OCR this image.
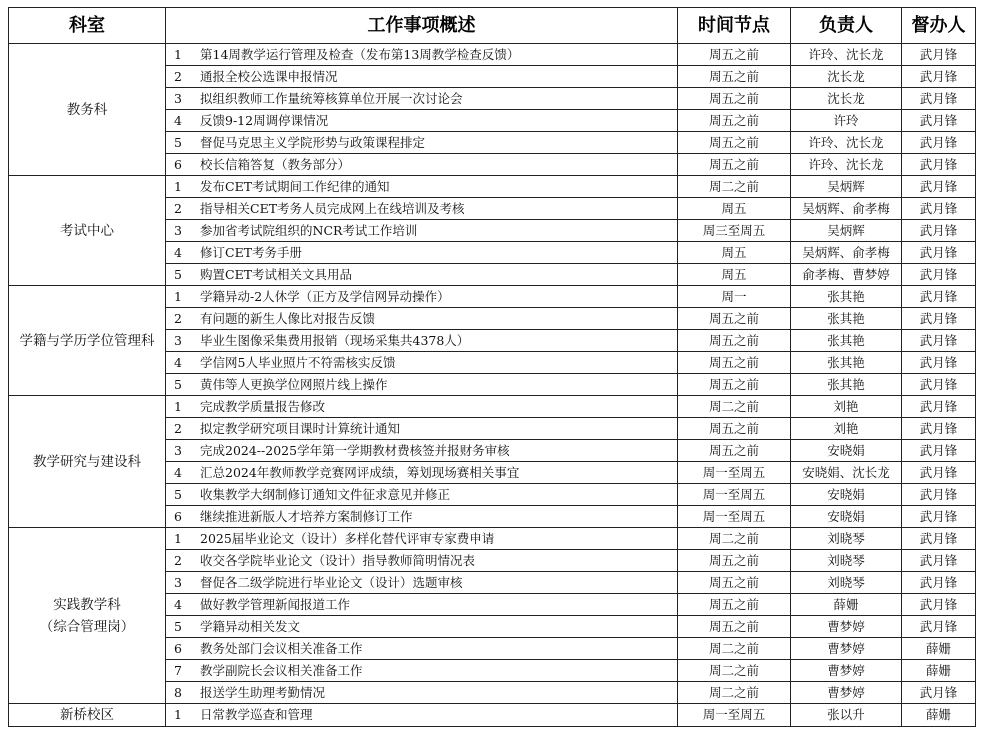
科室	工作事项概述	时间节点	负责人	督办人
教务科	1 第14周教学运行管理及检查（发布第13周教学检查反馈）	周五之前	许玲、沈长龙	武月锋
	2 通报全校公选课申报情况	周五之前	沈长龙	武月锋
	3 拟组织教师工作量统筹核算单位开展一次讨论会	周五之前	沈长龙	武月锋
	4 反馈9-12周调停课情况	周五之前	许玲	武月锋
	5 督促马克思主义学院形势与政策课程排定	周五之前	许玲、沈长龙	武月锋
	6 校长信箱答复（教务部分）	周五之前	许玲、沈长龙	武月锋
考试中心	1 发布CET考试期间工作纪律的通知	周二之前	吴炳辉	武月锋
	2 指导相关CET考务人员完成网上在线培训及考核	周五	吴炳辉、俞孝梅	武月锋
	3 参加省考试院组织的NCR考试工作培训	周三至周五	吴炳辉	武月锋
	4 修订CET考务手册	周五	吴炳辉、俞孝梅	武月锋
	5 购置CET考试相关文具用品	周五	俞孝梅、曹梦婷	武月锋
学籍与学历学位管理科	1 学籍异动-2人休学（正方及学信网异动操作）	周一	张其艳	武月锋
	2 有问题的新生人像比对报告反馈	周五之前	张其艳	武月锋
	3 毕业生图像采集费用报销（现场采集共4378人）	周五之前	张其艳	武月锋
	4 学信网5人毕业照片不符需核实反馈	周五之前	张其艳	武月锋
	5 黄伟等人更换学位网照片线上操作	周五之前	张其艳	武月锋
教学研究与建设科	1 完成教学质量报告修改	周二之前	刘艳	武月锋
	2 拟定教学研究项目课时计算统计通知	周五之前	刘艳	武月锋
	3 完成2024--2025学年第一学期教材费核签并报财务审核	周五之前	安晓娟	武月锋
	4 汇总2024年教师教学竞赛网评成绩，筹划现场赛相关事宜	周一至周五	安晓娟、沈长龙	武月锋
	5 收集教学大纲制修订通知文件征求意见并修正	周一至周五	安晓娟	武月锋
	6 继续推进新版人才培养方案制修订工作	周一至周五	安晓娟	武月锋
实践教学科
（综合管理岗）	1 2025届毕业论文（设计）多样化替代评审专家费申请	周二之前	刘晓琴	武月锋
	2 收交各学院毕业论文（设计）指导教师简明情况表	周五之前	刘晓琴	武月锋
	3 督促各二级学院进行毕业论文（设计）选题审核	周五之前	刘晓琴	武月锋
	4 做好教学管理新闻报道工作	周五之前	薛姗	武月锋
	5 学籍异动相关发文	周五之前	曹梦婷	武月锋
	6 教务处部门会议相关准备工作	周二之前	曹梦婷	薛姗
	7 教学副院长会议相关准备工作	周二之前	曹梦婷	薛姗
	8 报送学生助理考勤情况	周二之前	曹梦婷	武月锋
新桥校区	1 日常教学巡查和管理	周一至周五	张以升	薛姗
